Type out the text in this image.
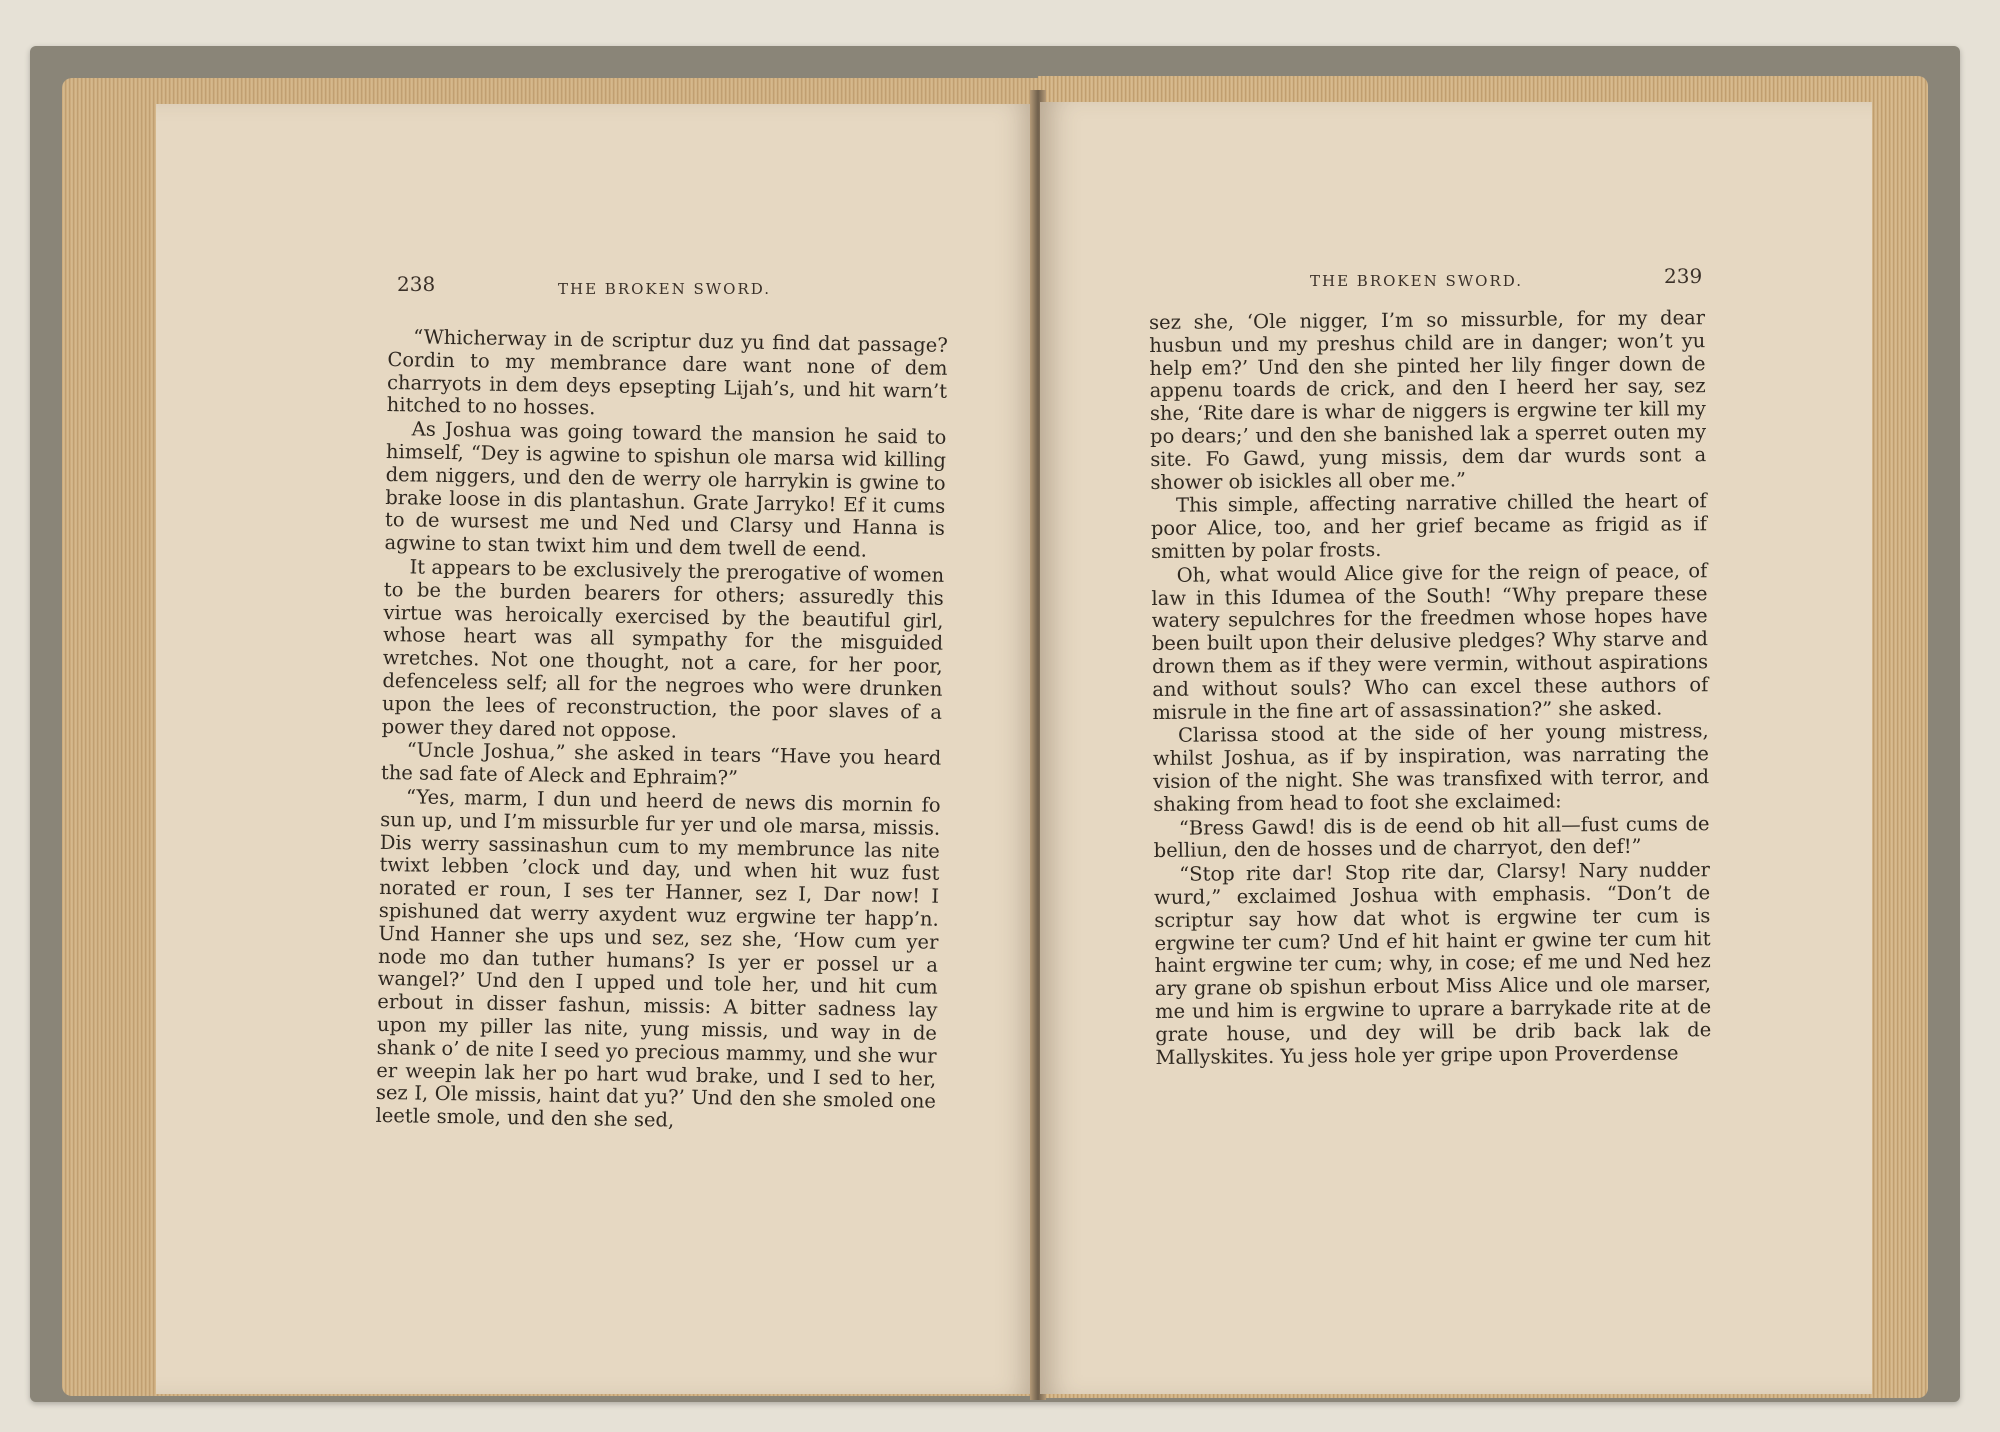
238	THE BROKEN SWORD.

“Whicherway in de scriptur duz yu find dat passage? Cordin to my membrance dare want none of dem charryots in dem deys epsepting Lijah’s, und hit warn’t hitched to no hosses.

As Joshua was going toward the mansion he said to himself, “Dey is agwine to spishun ole marsa wid killing dem niggers, und den de werry ole harrykin is gwine to brake loose in dis plantashun. Grate Jarryko! Ef it cums to de wursest me und Ned und Clarsy und Hanna is agwine to stan twixt him und dem twell de eend.

It appears to be exclusively the prerogative of women to be the burden bearers for others; assuredly this virtue was heroically exercised by the beautiful girl, whose heart was all sympathy for the misguided wretches. Not one thought, not a care, for her poor, defenceless self; all for the negroes who were drunken upon the lees of reconstruction, the poor slaves of a power they dared not oppose.

“Uncle Joshua,” she asked in tears “Have you heard the sad fate of Aleck and Ephraim?”

“Yes, marm, I dun und heerd de news dis mornin fo sun up, und I’m missurble fur yer und ole marsa, missis. Dis werry sassinashun cum to my membrunce las nite twixt lebben ’clock und day, und when hit wuz fust norated er roun, I ses ter Hanner, sez I, Dar now! I spishuned dat werry axydent wuz ergwine ter happ’n. Und Hanner she ups und sez, sez she, ‘How cum yer node mo dan tuther humans? Is yer er possel ur a wangel?’ Und den I upped und tole her, und hit cum erbout in disser fashun, missis: A bitter sadness lay upon my piller las nite, yung missis, und way in de shank o’ de nite I seed yo precious mammy, und she wur er weepin lak her po hart wud brake, und I sed to her, sez I, Ole missis, haint dat yu?’ Und den she smoled one leetle smole, und den she sed,

THE BROKEN SWORD.	239

sez she, ‘Ole nigger, I’m so missurble, for my dear husbun und my preshus child are in danger; won’t yu help em?’ Und den she pinted her lily finger down de appenu toards de crick, and den I heerd her say, sez she, ‘Rite dare is whar de niggers is ergwine ter kill my po dears;’ und den she banished lak a sperret outen my site. Fo Gawd, yung missis, dem dar wurds sont a shower ob isickles all ober me.”

This simple, affecting narrative chilled the heart of poor Alice, too, and her grief became as frigid as if smitten by polar frosts.

Oh, what would Alice give for the reign of peace, of law in this Idumea of the South! “Why prepare these watery sepulchres for the freedmen whose hopes have been built upon their delusive pledges? Why starve and drown them as if they were vermin, without aspirations and without souls? Who can excel these authors of misrule in the fine art of assassination?” she asked.

Clarissa stood at the side of her young mistress, whilst Joshua, as if by inspiration, was narrating the vision of the night. She was transfixed with terror, and shaking from head to foot she exclaimed:

“Bress Gawd! dis is de eend ob hit all—fust cums de belliun, den de hosses und de charryot, den def!”

“Stop rite dar! Stop rite dar, Clarsy! Nary nudder wurd,” exclaimed Joshua with emphasis. “Don’t de scriptur say how dat whot is ergwine ter cum is ergwine ter cum? Und ef hit haint er gwine ter cum hit haint ergwine ter cum; why, in cose; ef me und Ned hez ary grane ob spishun erbout Miss Alice und ole marser, me und him is ergwine to uprare a barrykade rite at de grate house, und dey will be drib back lak de Mallyskites. Yu jess hole yer gripe upon Proverdense
